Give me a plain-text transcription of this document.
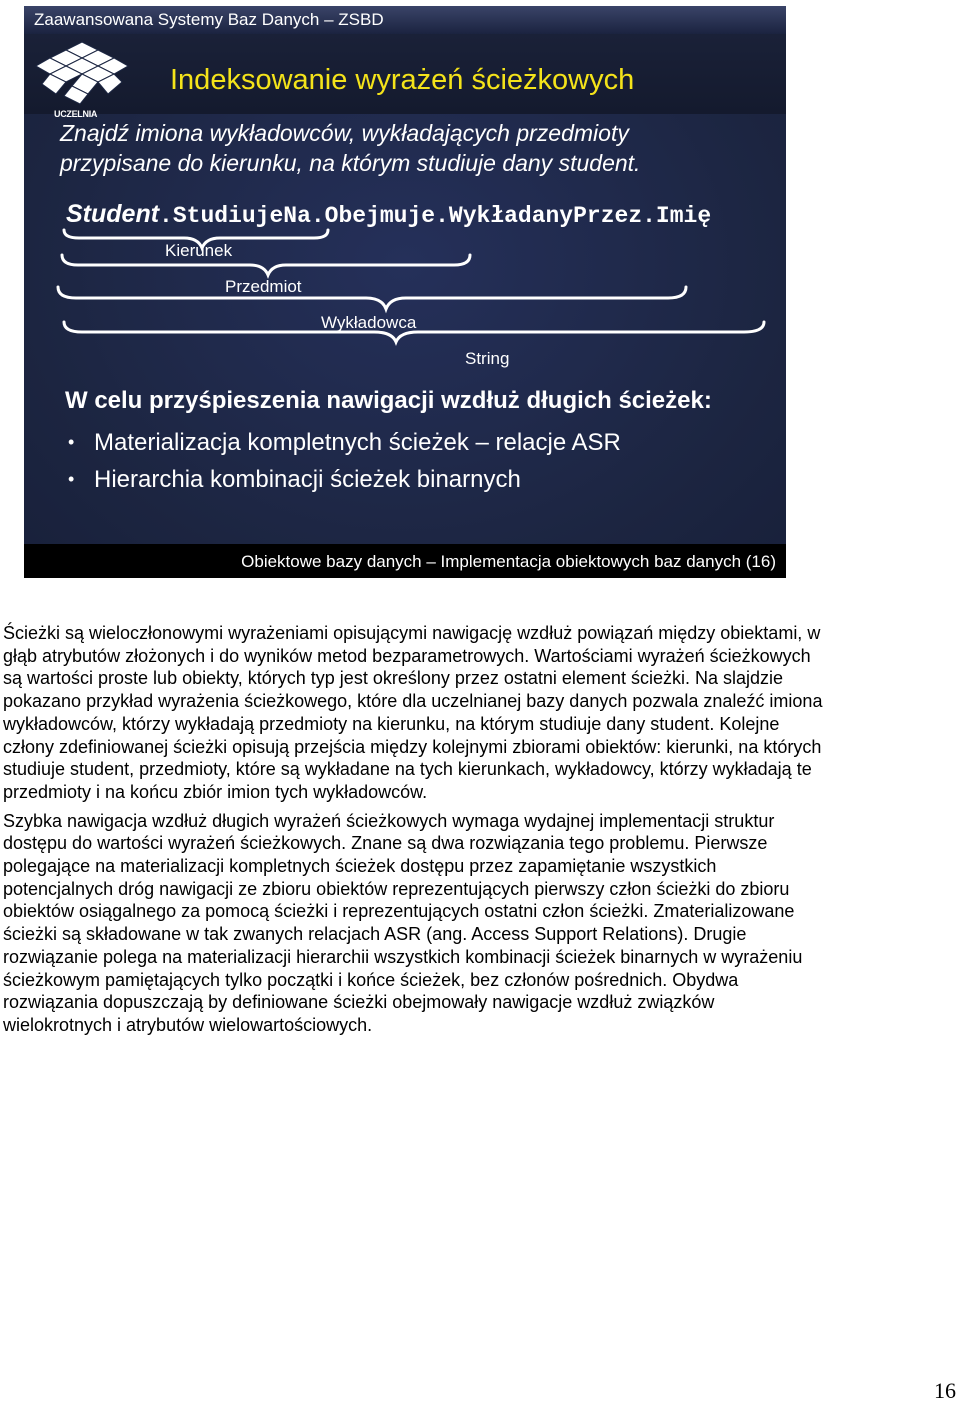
Zaawansowana Systemy Baz Danych – ZSBD
UCZELNIA
Indeksowanie wyrażeń ścieżkowych
Znajdź imiona wykładowców, wykładających przedmioty
przypisane do kierunku, na którym studiuje dany student.
Student.StudiujeNa.Obejmuje.WykładanyPrzez.Imię
Kierunek
Przedmiot
Wykładowca
String
W celu przyśpieszenia nawigacji wzdłuż długich ścieżek:
• Materializacja kompletnych ścieżek – relacje ASR
• Hierarchia kombinacji ścieżek binarnych
Obiektowe bazy danych – Implementacja obiektowych baz danych (16)

Ścieżki są wieloczłonowymi wyrażeniami opisującymi nawigację wzdłuż powiązań między obiektami, w głąb atrybutów złożonych i do wyników metod bezparametrowych. Wartościami wyrażeń ścieżkowych są wartości proste lub obiekty, których typ jest określony przez ostatni element ścieżki. Na slajdzie pokazano przykład wyrażenia ścieżkowego, które dla uczelnianej bazy danych pozwala znaleźć imiona wykładowców, którzy wykładają przedmioty na kierunku, na którym studiuje dany student. Kolejne człony zdefiniowanej ścieżki opisują przejścia między kolejnymi zbiorami obiektów: kierunki, na których studiuje student, przedmioty, które są wykładane na tych kierunkach, wykładowcy, którzy wykładają te przedmioty i na końcu zbiór imion tych wykładowców.

Szybka nawigacja wzdłuż długich wyrażeń ścieżkowych wymaga wydajnej implementacji struktur dostępu do wartości wyrażeń ścieżkowych. Znane są dwa rozwiązania tego problemu. Pierwsze polegające na materializacji kompletnych ścieżek dostępu przez zapamiętanie wszystkich potencjalnych dróg nawigacji ze zbioru obiektów reprezentujących pierwszy człon ścieżki do zbioru obiektów osiągalnego za pomocą ścieżki i reprezentujących ostatni człon ścieżki. Zmaterializowane ścieżki są składowane w tak zwanych relacjach ASR (ang. Access Support Relations). Drugie rozwiązanie polega na materializacji hierarchii wszystkich kombinacji ścieżek binarnych w wyrażeniu ścieżkowym pamiętających tylko początki i końce ścieżek, bez członów pośrednich. Obydwa rozwiązania dopuszczają by definiowane ścieżki obejmowały nawigacje wzdłuż związków wielokrotnych i atrybutów wielowartościowych.

16
